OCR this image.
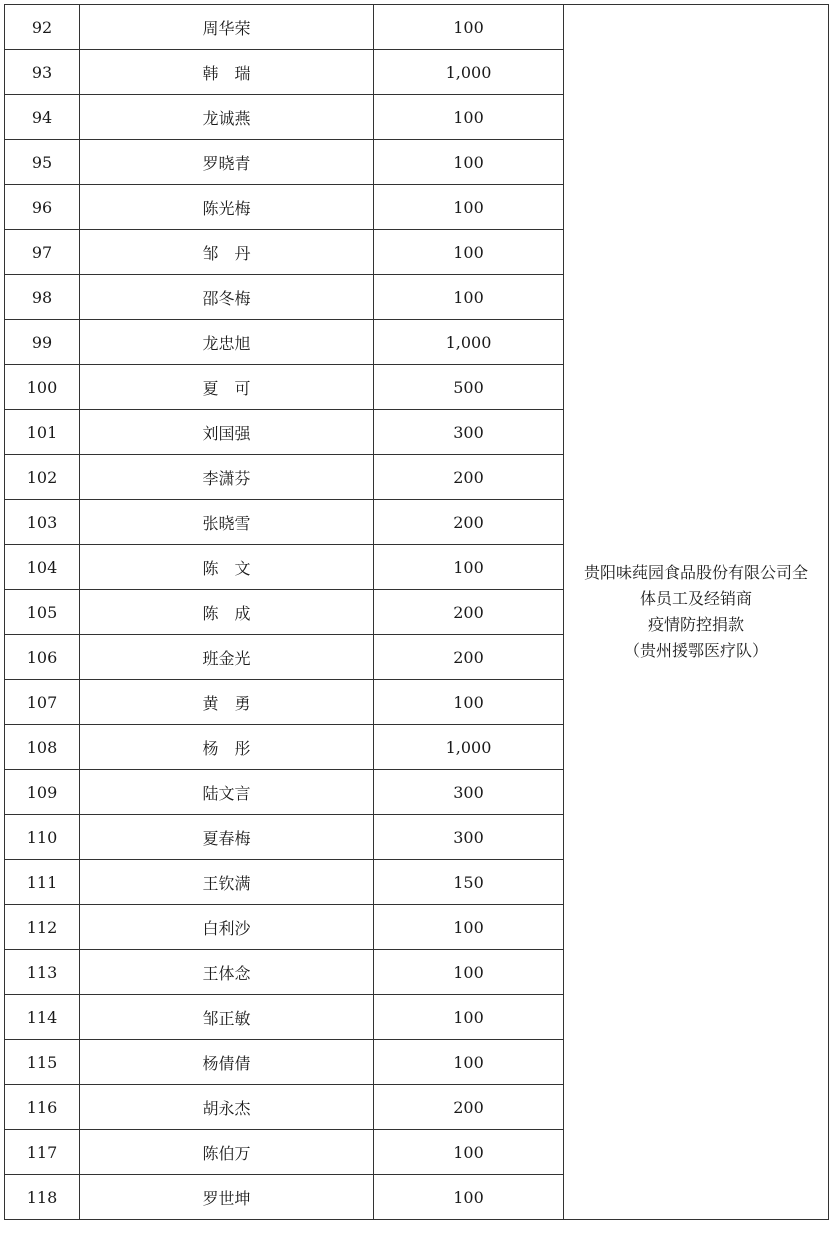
92	周华荣	100	贵阳味莼园食品股份有限公司全
体员工及经销商
疫情防控捐款
（贵州援鄂医疗队）

93	韩　瑞	1,000	
94	龙诚燕	100	
95	罗晓青	100	
96	陈光梅	100	
97	邹　丹	100	
98	邵冬梅	100	
99	龙忠旭	1,000	
100	夏　可	500	
101	刘国强	300	
102	李潇芬	200	
103	张晓雪	200	
104	陈　文	100	
105	陈　成	200	
106	班金光	200	
107	黄　勇	100	
108	杨　彤	1,000	
109	陆文言	300	
110	夏春梅	300	
111	王钦满	150	
112	白利沙	100	
113	王体念	100	
114	邹正敏	100	
115	杨倩倩	100	
116	胡永杰	200	
117	陈伯万	100	
118	罗世坤	100	
